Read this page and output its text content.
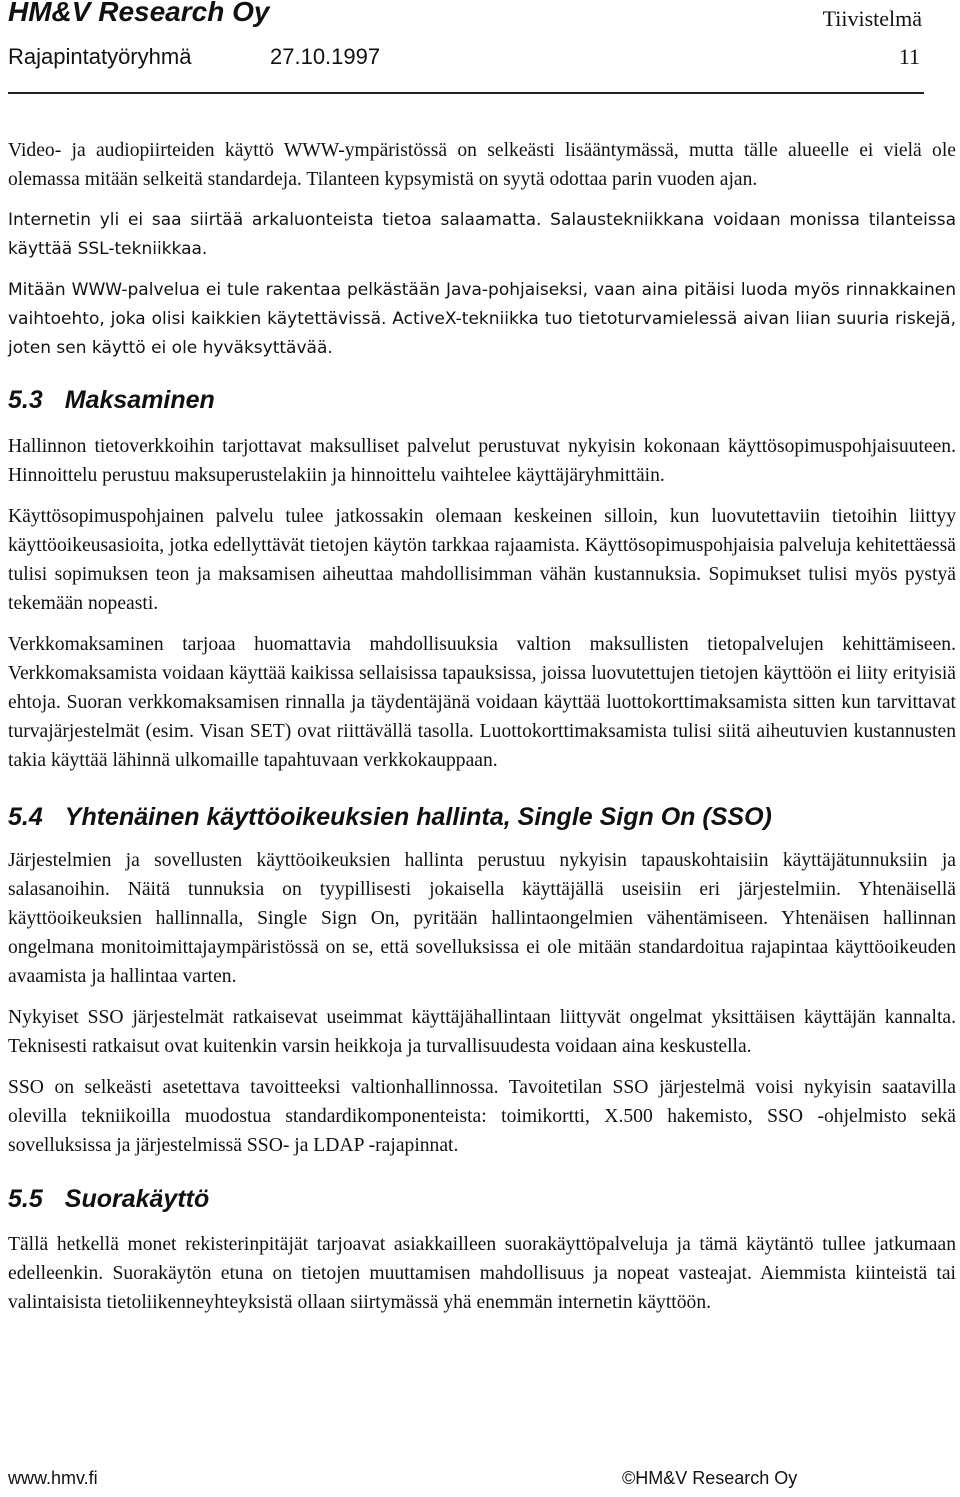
HM&V Research Oy	Tiivistelmä
Rajapintatyöryhmä	27.10.1997	11

Video- ja audiopiirteiden käyttö WWW-ympäristössä on selkeästi lisääntymässä, mutta tälle alueelle ei vielä ole olemassa mitään selkeitä standardeja. Tilanteen kypsymistä on syytä odottaa parin vuoden ajan.

Internetin yli ei saa siirtää arkaluonteista tietoa salaamatta. Salaustekniikkana voidaan monissa tilanteissa käyttää SSL-tekniikkaa.

Mitään WWW-palvelua ei tule rakentaa pelkästään Java-pohjaiseksi, vaan aina pitäisi luoda myös rinnakkainen vaihtoehto, joka olisi kaikkien käytettävissä. ActiveX-tekniikka tuo tietoturvamielessä aivan liian suuria riskejä, joten sen käyttö ei ole hyväksyttävää.

5.3 Maksaminen

Hallinnon tietoverkkoihin tarjottavat maksulliset palvelut perustuvat nykyisin kokonaan käyttösopimuspohjaisuuteen. Hinnoittelu perustuu maksuperustelakiin ja hinnoittelu vaihtelee käyttäjäryhmittäin.

Käyttösopimuspohjainen palvelu tulee jatkossakin olemaan keskeinen silloin, kun luovutettaviin tietoihin liittyy käyttöoikeusasioita, jotka edellyttävät tietojen käytön tarkkaa rajaamista. Käyttösopimuspohjaisia palveluja kehitettäessä tulisi sopimuksen teon ja maksamisen aiheuttaa mahdollisimman vähän kustannuksia. Sopimukset tulisi myös pystyä tekemään nopeasti.

Verkkomaksaminen tarjoaa huomattavia mahdollisuuksia valtion maksullisten tietopalvelujen kehittämiseen. Verkkomaksamista voidaan käyttää kaikissa sellaisissa tapauksissa, joissa luovutettujen tietojen käyttöön ei liity erityisiä ehtoja. Suoran verkkomaksamisen rinnalla ja täydentäjänä voidaan käyttää luottokorttimaksamista sitten kun tarvittavat turvajärjestelmät (esim. Visan SET) ovat riittävällä tasolla. Luottokorttimaksamista tulisi siitä aiheutuvien kustannusten takia käyttää lähinnä ulkomaille tapahtuvaan verkkokauppaan.

5.4 Yhtenäinen käyttöoikeuksien hallinta, Single Sign On (SSO)

Järjestelmien ja sovellusten käyttöoikeuksien hallinta perustuu nykyisin tapauskohtaisiin käyttäjätunnuksiin ja salasanoihin. Näitä tunnuksia on tyypillisesti jokaisella käyttäjällä useisiin eri järjestelmiin. Yhtenäisellä käyttöoikeuksien hallinnalla, Single Sign On, pyritään hallintaongelmien vähentämiseen. Yhtenäisen hallinnan ongelmana monitoimittajaympäristössä on se, että sovelluksissa ei ole mitään standardoitua rajapintaa käyttöoikeuden avaamista ja hallintaa varten.

Nykyiset SSO järjestelmät ratkaisevat useimmat käyttäjähallintaan liittyvät ongelmat yksittäisen käyttäjän kannalta. Teknisesti ratkaisut ovat kuitenkin varsin heikkoja ja turvallisuudesta voidaan aina keskustella.

SSO on selkeästi asetettava tavoitteeksi valtionhallinnossa. Tavoitetilan SSO järjestelmä voisi nykyisin saatavilla olevilla tekniikoilla muodostua standardikomponenteista: toimikortti, X.500 hakemisto, SSO -ohjelmisto sekä sovelluksissa ja järjestelmissä SSO- ja LDAP -rajapinnat.

5.5 Suorakäyttö

Tällä hetkellä monet rekisterinpitäjät tarjoavat asiakkailleen suorakäyttöpalveluja ja tämä käytäntö tullee jatkumaan edelleenkin. Suorakäytön etuna on tietojen muuttamisen mahdollisuus ja nopeat vasteajat. Aiemmista kiinteistä tai valintaisista tietoliikenneyhteyksistä ollaan siirtymässä yhä enemmän internetin käyttöön.

www.hmv.fi	©HM&V Research Oy
